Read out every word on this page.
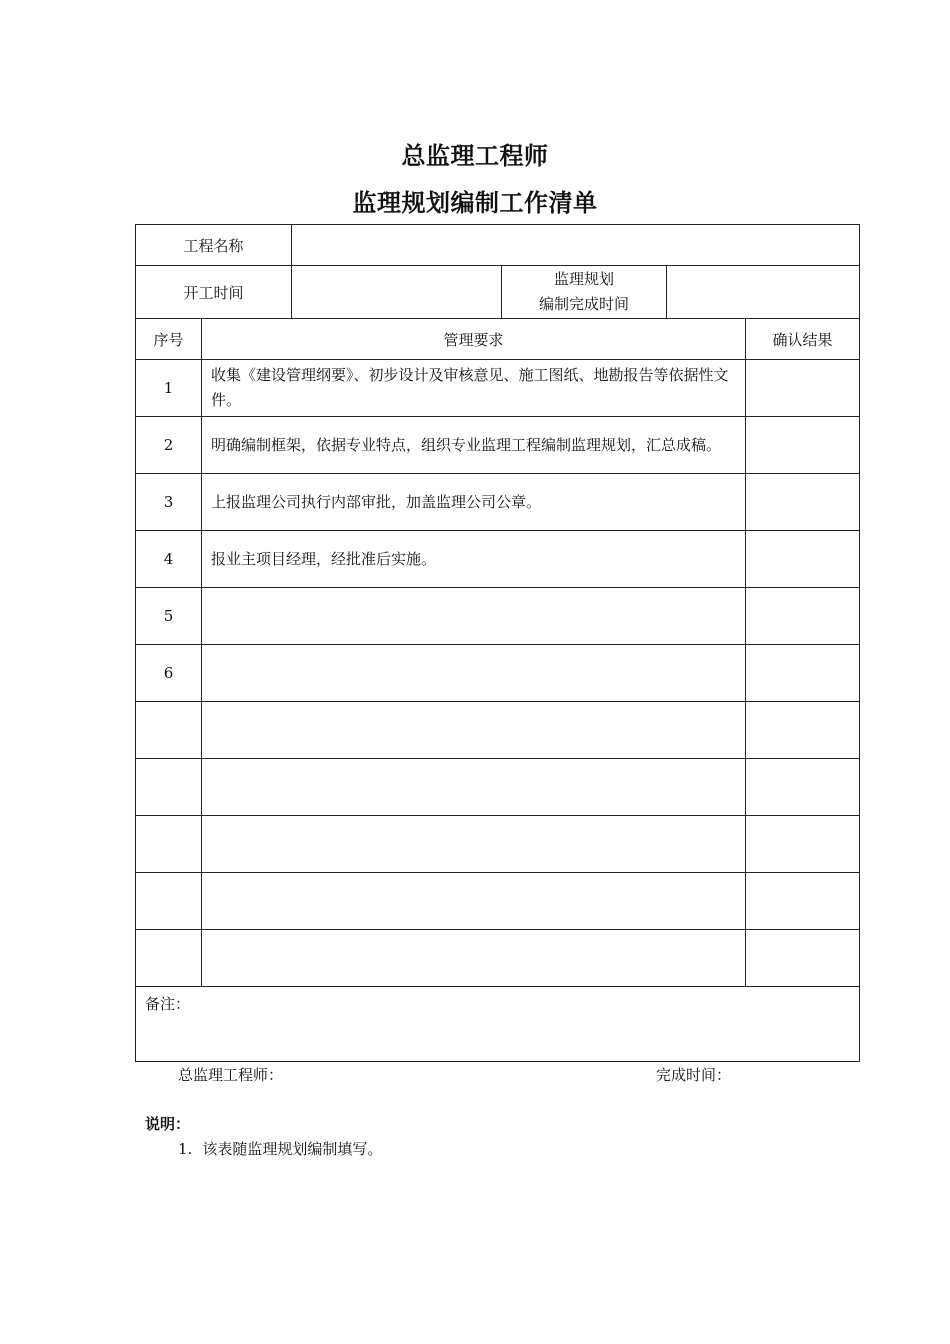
总监理工程师
监理规划编制工作清单
工程名称					
开工时间			监理规划
编制完成时间		

序号	管理要求				确认结果
1	收集《建设管理纲要》、初步设计及审核意见、施工图纸、地勘报告等依据性文件。				
2	明确编制框架，依据专业特点，组织专业监理工程编制监理规划，汇总成稿。				
3	上报监理公司执行内部审批，加盖监理公司公章。				
4	报业主项目经理，经批准后实施。				
5					
6					

备注：					
总监理工程师：	完成时间：
说明：
1. 该表随监理规划编制填写。
